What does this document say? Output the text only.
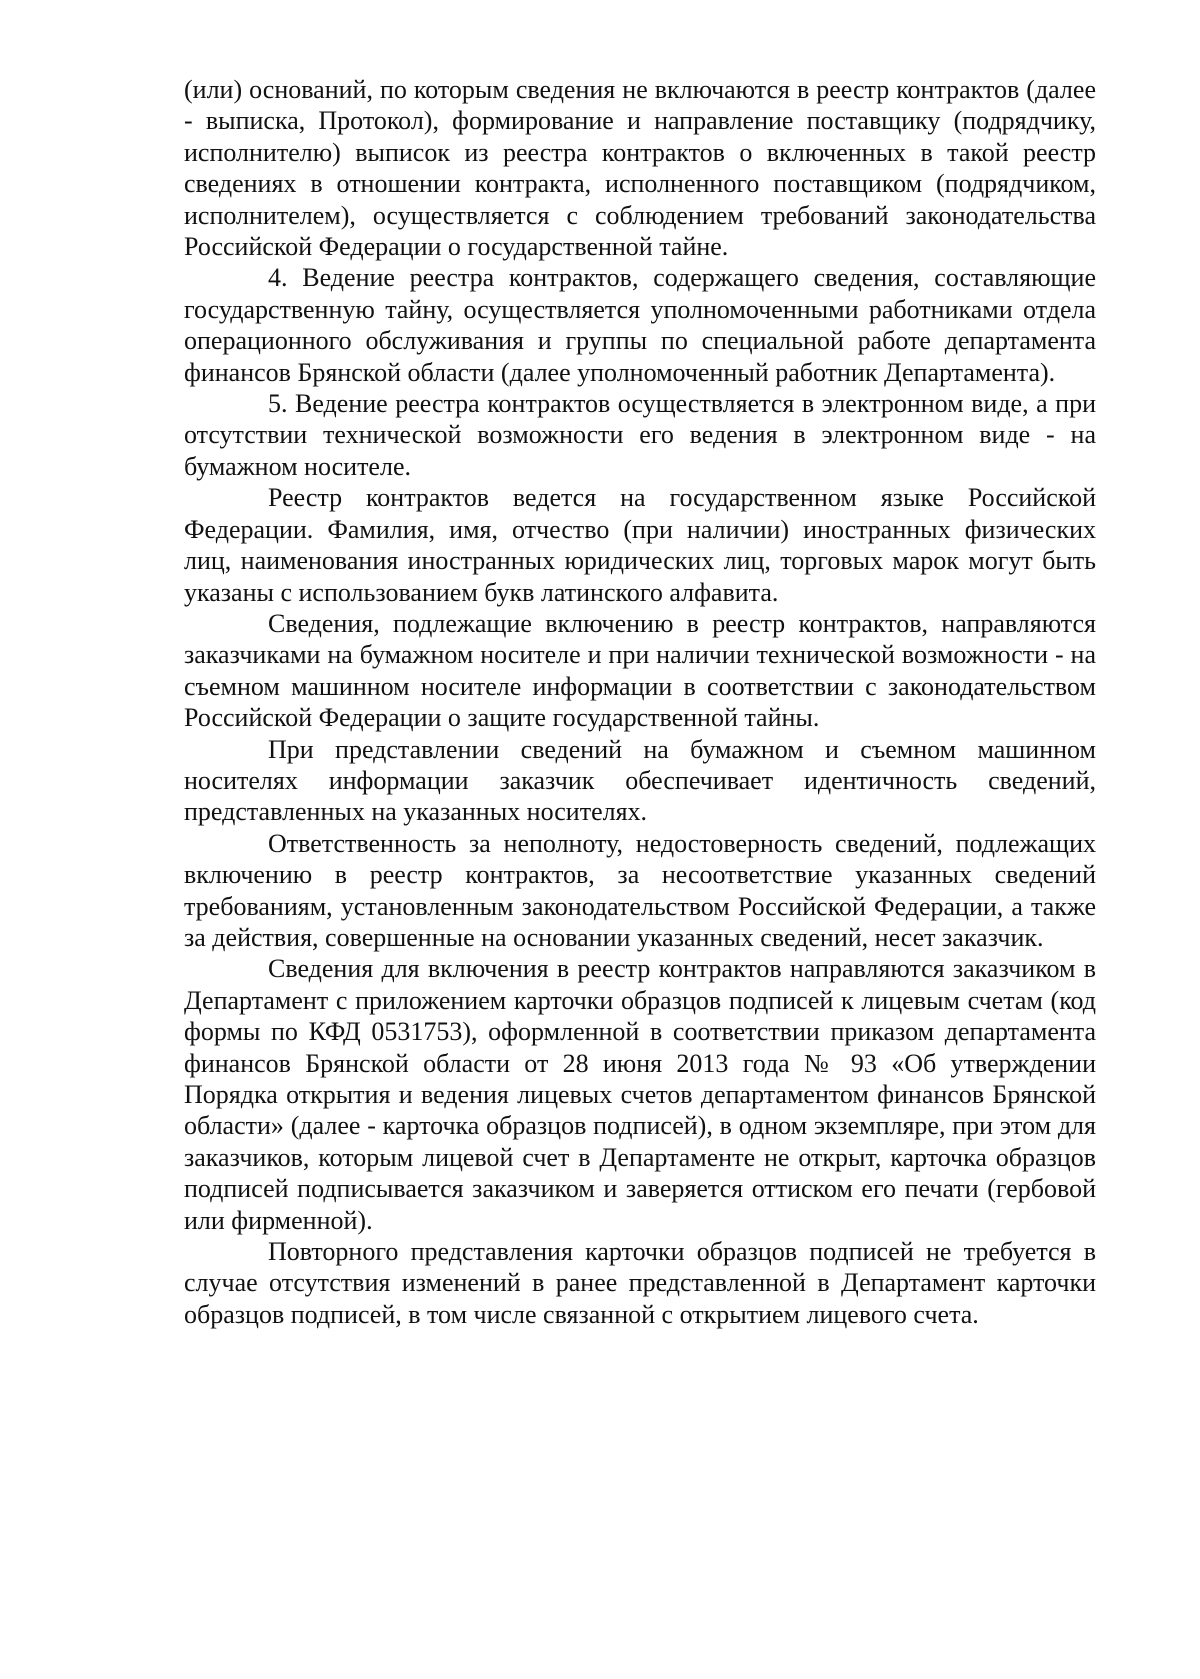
(или) оснований, по которым сведения не включаются в реестр контрактов (далее - выписка, Протокол), формирование и направление поставщику (подрядчику, исполнителю) выписок из реестра контрактов о включенных в такой реестр сведениях в отношении контракта, исполненного поставщиком (подрядчиком, исполнителем), осуществляется с соблюдением требований законодательства Российской Федерации о государственной тайне.

4. Ведение реестра контрактов, содержащего сведения, составляющие государственную тайну, осуществляется уполномоченными работниками отдела операционного обслуживания и группы по специальной работе департамента финансов Брянской области (далее уполномоченный работник Департамента).

5. Ведение реестра контрактов осуществляется в электронном виде, а при отсутствии технической возможности его ведения в электронном виде - на бумажном носителе.

Реестр контрактов ведется на государственном языке Российской Федерации. Фамилия, имя, отчество (при наличии) иностранных физических лиц, наименования иностранных юридических лиц, торговых марок могут быть указаны с использованием букв латинского алфавита.

Сведения, подлежащие включению в реестр контрактов, направляются заказчиками на бумажном носителе и при наличии технической возможности - на съемном машинном носителе информации в соответствии с законодательством Российской Федерации о защите государственной тайны.

При представлении сведений на бумажном и съемном машинном носителях информации заказчик обеспечивает идентичность сведений, представленных на указанных носителях.

Ответственность за неполноту, недостоверность сведений, подлежащих включению в реестр контрактов, за несоответствие указанных сведений требованиям, установленным законодательством Российской Федерации, а также за действия, совершенные на основании указанных сведений, несет заказчик.

Сведения для включения в реестр контрактов направляются заказчиком в Департамент с приложением карточки образцов подписей к лицевым счетам (код формы по КФД 0531753), оформленной в соответствии приказом департамента финансов Брянской области от 28 июня 2013 года № 93 «Об утверждении Порядка открытия и ведения лицевых счетов департаментом финансов Брянской области» (далее - карточка образцов подписей), в одном экземпляре, при этом для заказчиков, которым лицевой счет в Департаменте не открыт, карточка образцов подписей подписывается заказчиком и заверяется оттиском его печати (гербовой или фирменной).

Повторного представления карточки образцов подписей не требуется в случае отсутствия изменений в ранее представленной в Департамент карточки образцов подписей, в том числе связанной с открытием лицевого счета.
